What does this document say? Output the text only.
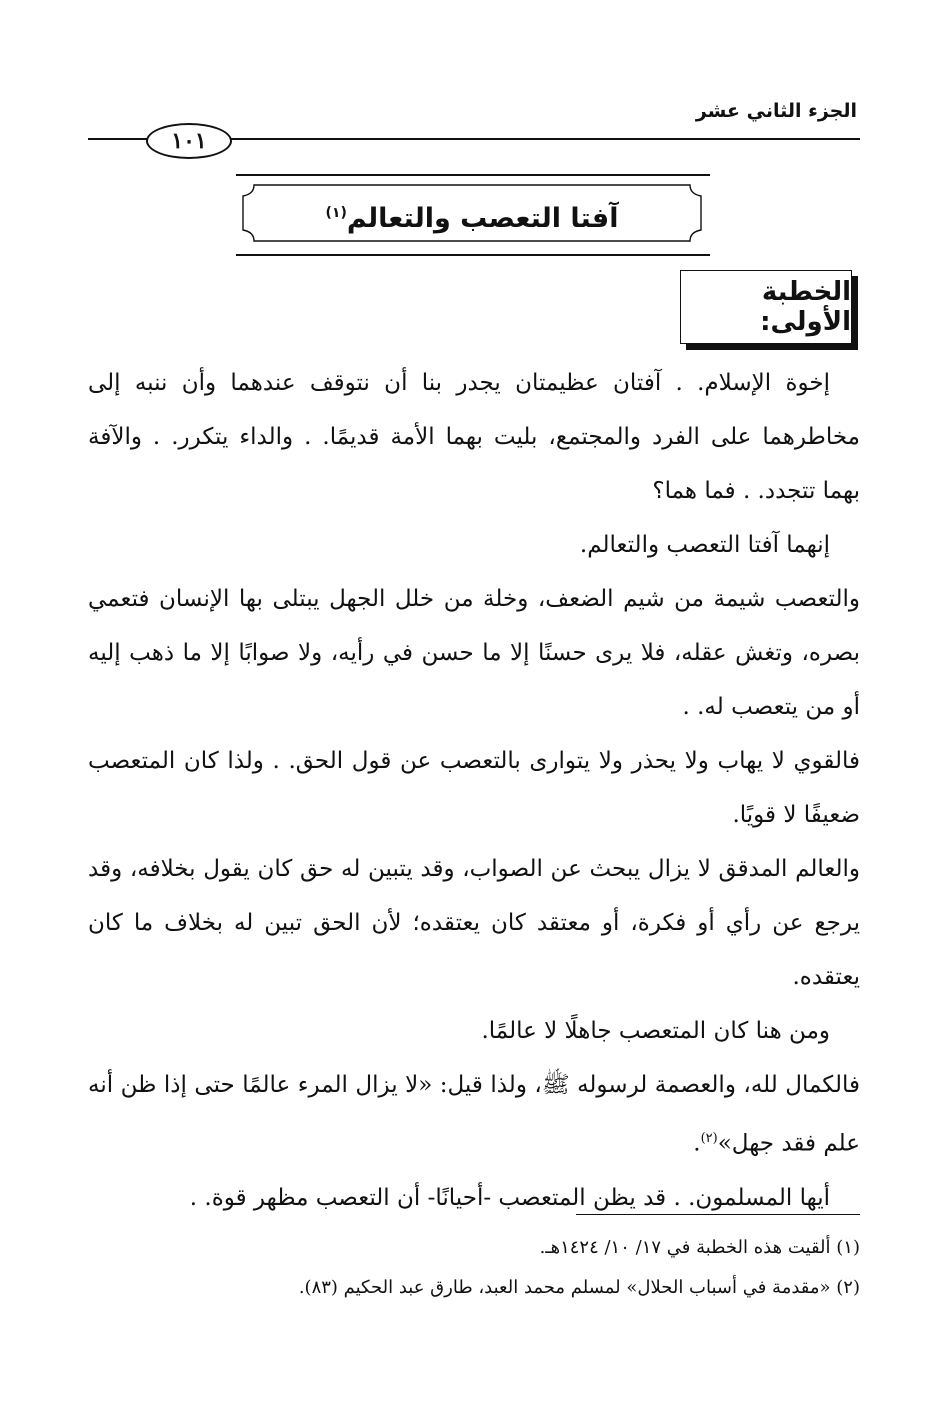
الجزء الثاني عشر
١٠١
آفتا التعصب والتعالم$^{(١)}$
الخطبة الأولى:

إخوة الإسلام. . آفتان عظيمتان يجدر بنا أن نتوقف عندهما وأن ننبه إلى مخاطرهما على الفرد والمجتمع، بليت بهما الأمة قديمًا. . والداء يتكرر. . والآفة بهما تتجدد. . فما هما؟

إنهما آفتا التعصب والتعالم.

والتعصب شيمة من شيم الضعف، وخلة من خلل الجهل يبتلى بها الإنسان فتعمي بصره، وتغش عقله، فلا يرى حسنًا إلا ما حسن في رأيه، ولا صوابًا إلا ما ذهب إليه أو من يتعصب له. .

فالقوي لا يهاب ولا يحذر ولا يتوارى بالتعصب عن قول الحق. . ولذا كان المتعصب ضعيفًا لا قويًا.

والعالم المدقق لا يزال يبحث عن الصواب، وقد يتبين له حق كان يقول بخلافه، وقد يرجع عن رأي أو فكرة، أو معتقد كان يعتقده؛ لأن الحق تبين له بخلاف ما كان يعتقده.

ومن هنا كان المتعصب جاهلًا لا عالمًا.

فالكمال لله، والعصمة لرسوله ﷺ، ولذا قيل: «لا يزال المرء عالمًا حتى إذا ظن أنه علم فقد جهل»$^{(٢)}$.

أيها المسلمون. . قد يظن المتعصب -أحيانًا- أن التعصب مظهر قوة. .

(١) ألقيت هذه الخطبة في ١٧/ ١٠/ ١٤٢٤هـ.
(٢) «مقدمة في أسباب الحلال» لمسلم محمد العبد، طارق عبد الحكيم (٨٣).
